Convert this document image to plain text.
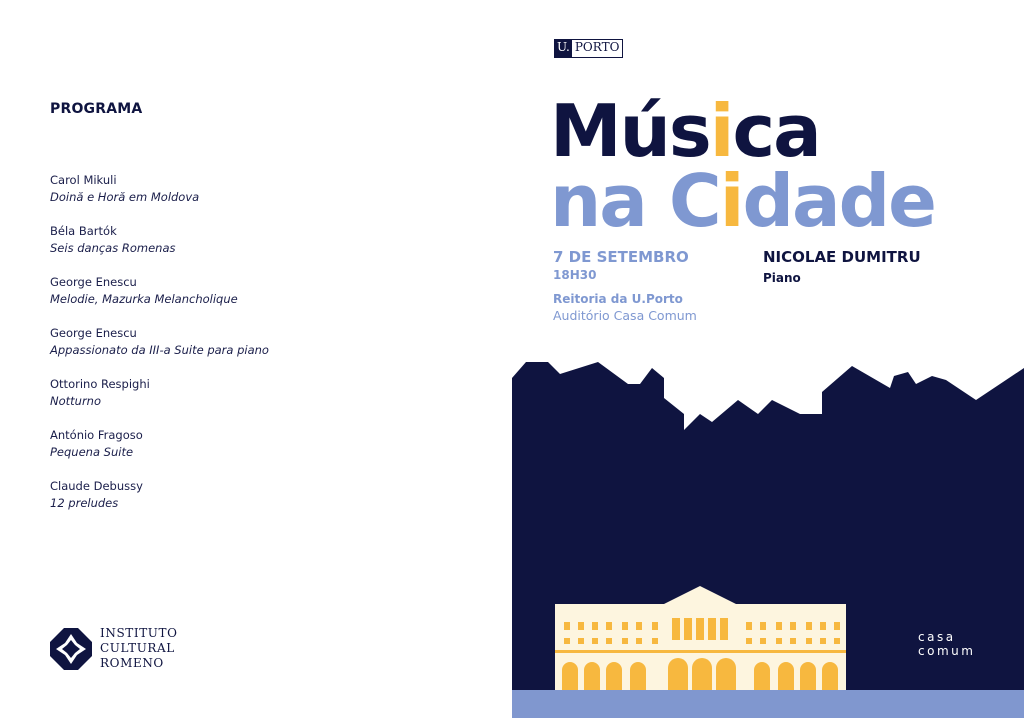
PROGRAMA
Carol Mikuli
Doină e Horă em Moldova
Béla Bartók
Seis danças Romenas
George Enescu
Melodie, Mazurka Melancholique
George Enescu
Appassionato da III-a Suite para piano
Ottorino Respighi
Notturno
António Fragoso
Pequena Suite
Claude Debussy
12 preludes
INSTITUTO
CULTURAL
ROMENO
U. PORTO
Música
na Cidade
7 DE SETEMBRO
18H30
Reitoria da U.Porto
Auditório Casa Comum
NICOLAE DUMITRU
Piano
casa
comum
